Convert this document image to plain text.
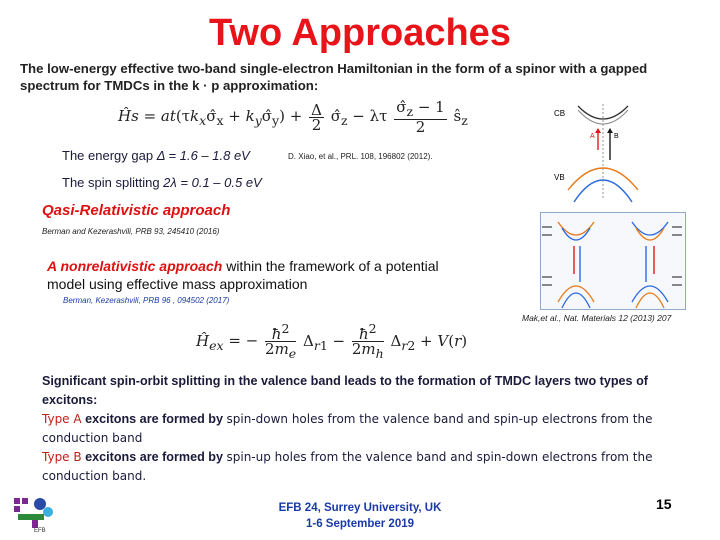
Two Approaches
The low-energy effective two-band single-electron Hamiltonian in the form of a spinor with a gapped spectrum for TMDCs in the k · p approximation:
Ĥs = $at(\tau k_x\sigmâ_x$ + $k_y\sigmâ_y) + \frac{\Delta}{2}$ $\sigmâ_z - \lambda\tau \frac{\sigmâ_z - 1}{2}$ $ŝ_z$
The energy gap Δ = 1.6 – 1.8 eV	D. Xiao, et al., PRL. 108, 196802 (2012).
The spin splitting 2λ = 0.1 – 0.5 eV
Qasi-Relativistic approach
Berman and Kezerashvili, PRB 93, 245410 (2016)
A nonrelativistic approach within the framework of a potential
model using effective mass approximation
Berman, Kezerashvili, PRB 96 , 094502 (2017)
Mak,et al., Nat. Materials 12 (2013) 207
$Ĥ_{ex}$ = − $\frac{ħ^2}{2m_e} \Delta_{r1} - \frac{ħ^2}{2m_h} \Delta_{r2} + V(r)$
CB
VB
A	B
Significant spin-orbit splitting in the valence band leads to the formation of TMDC layers two types of excitons:
Type A excitons are formed by spin-down holes from the valence band and spin-up electrons from the conduction band
Type B excitons are formed by spin-up holes from the valence band and spin-down electrons from the conduction band.
EFB
EFB 24, Surrey University, UK
1-6 September 2019
15
